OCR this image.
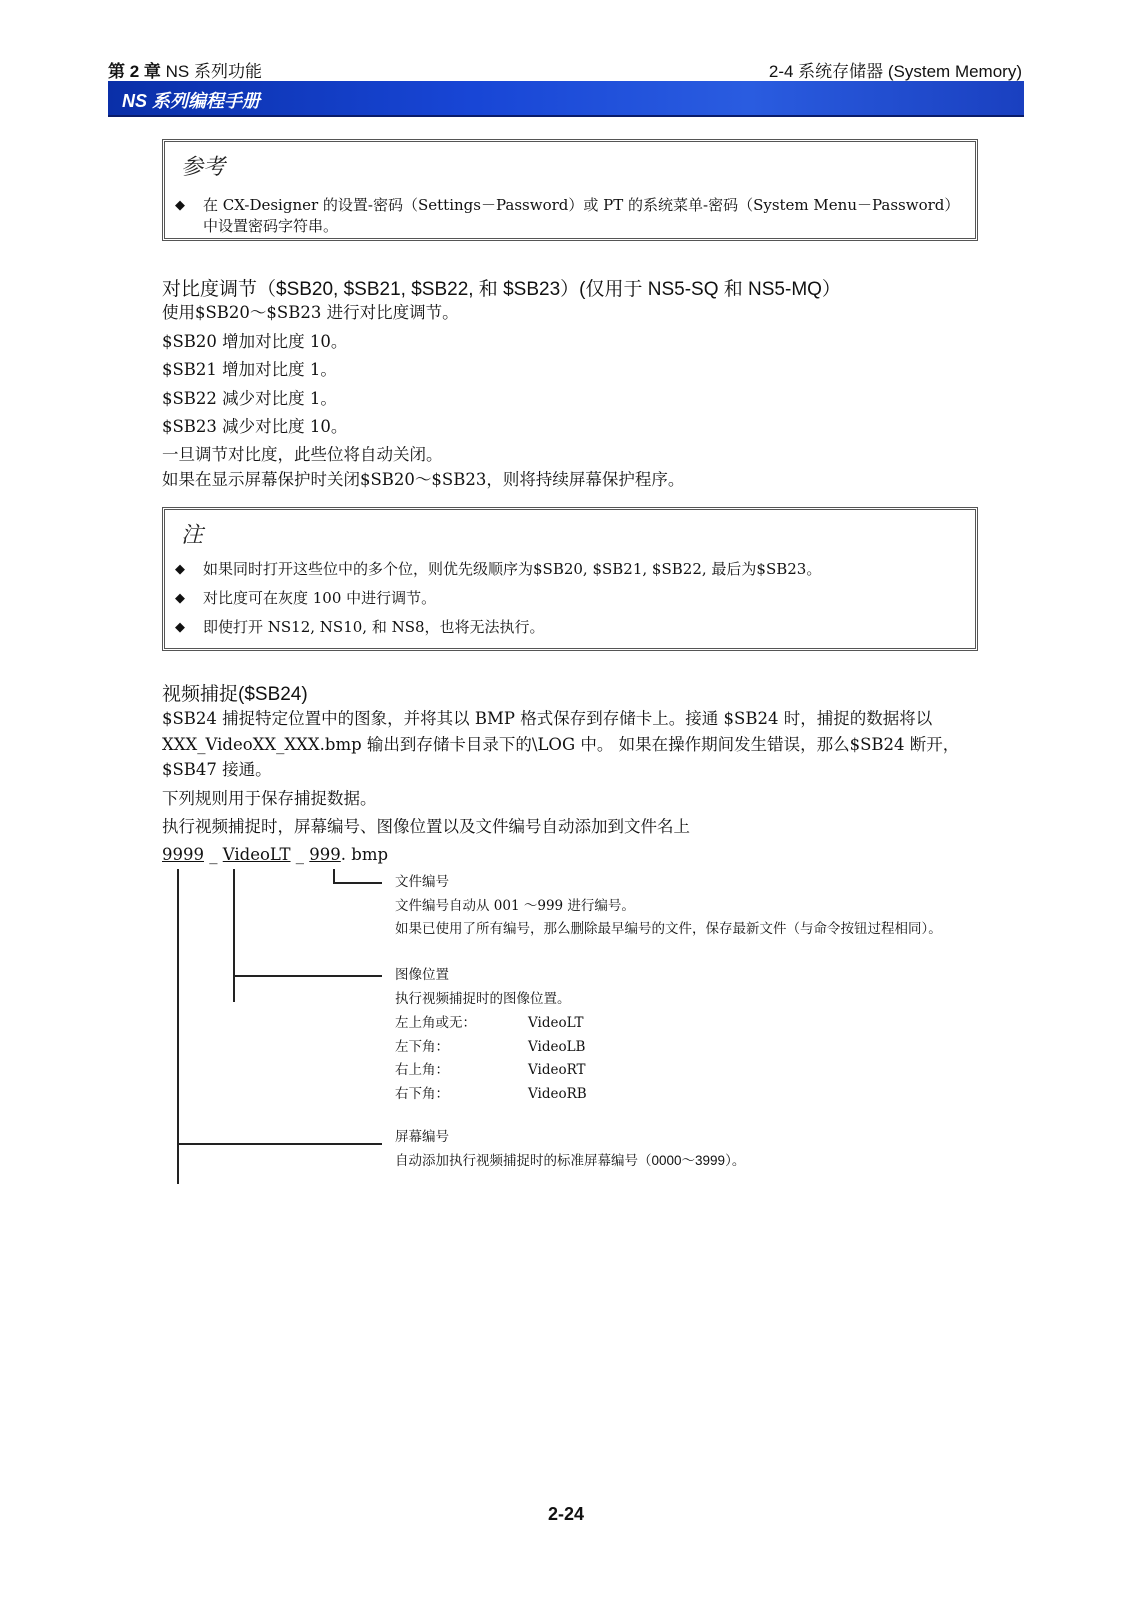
第 2 章 NS 系列功能	2-4 系统存储器 (System Memory)
NS 系列编程手册
参考
◆ 在 CX-Designer 的设置-密码（Settings－Password）或 PT 的系统菜单-密码（System Menu－Password）
中设置密码字符串。
对比度调节（$SB20, $SB21, $SB22, 和 $SB23）(仅用于 NS5-SQ 和 NS5-MQ）
使用$SB20～$SB23 进行对比度调节。
$SB20 增加对比度 10。
$SB21 增加对比度 1。
$SB22 减少对比度 1。
$SB23 减少对比度 10。
一旦调节对比度，此些位将自动关闭。
如果在显示屏幕保护时关闭$SB20～$SB23，则将持续屏幕保护程序。
注
◆ 如果同时打开这些位中的多个位，则优先级顺序为$SB20, $SB21, $SB22, 最后为$SB23。
◆ 对比度可在灰度 100 中进行调节。
◆ 即使打开 NS12, NS10, 和 NS8，也将无法执行。
视频捕捉($SB24)
$SB24 捕捉特定位置中的图象，并将其以 BMP 格式保存到存储卡上。接通 $SB24 时，捕捉的数据将以
XXX_VideoXX_XXX.bmp 输出到存储卡目录下的\LOG 中。 如果在操作期间发生错误，那么$SB24 断开，
$SB47 接通。
下列规则用于保存捕捉数据。
执行视频捕捉时，屏幕编号、图像位置以及文件编号自动添加到文件名上
9999 _ VideoLT _ 999. bmp
文件编号
文件编号自动从 001 ～999 进行编号。
如果已使用了所有编号，那么删除最早编号的文件，保存最新文件（与命令按钮过程相同）。
图像位置
执行视频捕捉时的图像位置。
左上角或无：	VideoLT
左下角：	VideoLB
右上角：	VideoRT
右下角：	VideoRB
屏幕编号
自动添加执行视频捕捉时的标准屏幕编号（0000～3999）。
2-24
